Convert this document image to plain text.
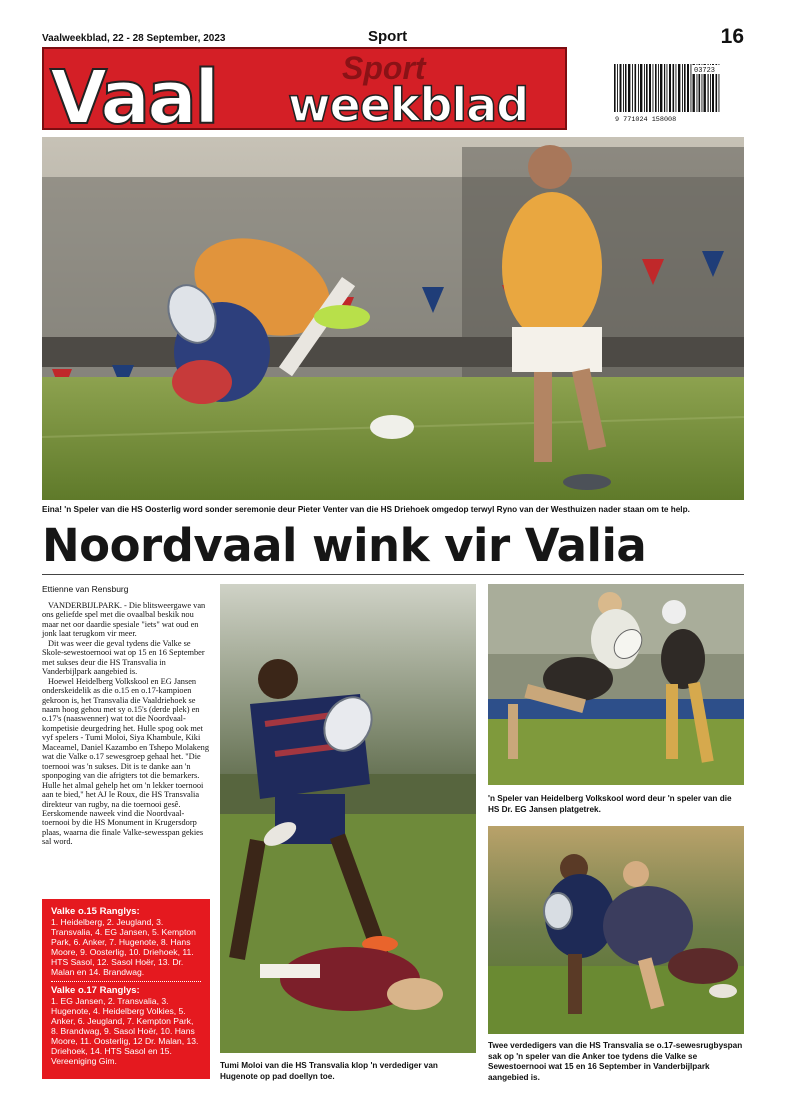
Vaalweekblad, 22 - 28 September, 2023	Sport	16
Sport
Vaal weekblad
03723
9 771024 158008
Eina! 'n Speler van die HS Oosterlig word sonder seremonie deur Pieter Venter van die HS Driehoek omgedop terwyl Ryno van der Westhuizen nader staan om te help.
Noordvaal wink vir Valia
Ettienne van Rensburg

VANDERBIJLPARK. - Die blitsweergawe van ons geliefde spel met die ovaalbal beskik nou maar net oor daardie spesiale "iets" wat oud en jonk laat terugkom vir meer.

Dit was weer die geval tydens die Valke se Skole-sewestoernooi wat op 15 en 16 September met sukses deur die HS Transvalia in Vanderbijlpark aangebied is.

Hoewel Heidelberg Volkskool en EG Jansen onderskeidelik as die o.15 en o.17-kampioen gekroon is, het Transvalia die Vaaldriehoek se naam hoog gehou met sy o.15's (derde plek) en o.17's (naaswenner) wat tot die Noordvaal-kompetisie deurgedring het. Hulle spog ook met vyf spelers - Tumi Moloi, Siya Khambule, Kiki Maceamel, Daniel Kazambo en Tshepo Molakeng wat die Valke o.17 sewesgroep gehaal het. "Die toernooi was 'n sukses. Dit is te danke aan 'n sponpoging van die afrigters tot die bemarkers. Hulle het almal gehelp het om 'n lekker toernooi aan te bied," het AJ le Roux, die HS Transvalia direkteur van rugby, na die toernooi gesê. Eerskomende naweek vind die Noordvaal-toernooi by die HS Monument in Krugersdorp plaas, waarna die finale Valke-sewesspan gekies sal word.

Valke o.15 Ranglys:
1. Heidelberg, 2. Jeugland, 3. Transvalia, 4. EG Jansen, 5. Kempton Park, 6. Anker, 7. Hugenote, 8. Hans Moore, 9. Oosterlig, 10. Driehoek, 11. HTS Sasol, 12. Sasol Hoër, 13. Dr. Malan en 14. Brandwag.
Valke o.17 Ranglys:
1. EG Jansen, 2. Transvalia, 3. Hugenote, 4. Heidelberg Volkies, 5. Anker, 6. Jeugland, 7. Kempton Park, 8. Brandwag, 9. Sasol Hoër, 10. Hans Moore, 11. Oosterlig, 12 Dr. Malan, 13. Driehoek, 14. HTS Sasol en 15. Vereeniging Gim.	Tumi Moloi van die HS Transvalia klop 'n verdediger van Hugenote op pad doellyn toe.
'n Speler van Heidelberg Volkskool word deur 'n speler van die HS Dr. EG Jansen platgetrek.
Twee verdedigers van die HS Transvalia se o.17-sewesrugbyspan sak op 'n speler van die Anker toe tydens die Valke se Sewestoernooi wat 15 en 16 September in Vanderbijlpark aangebied is.
